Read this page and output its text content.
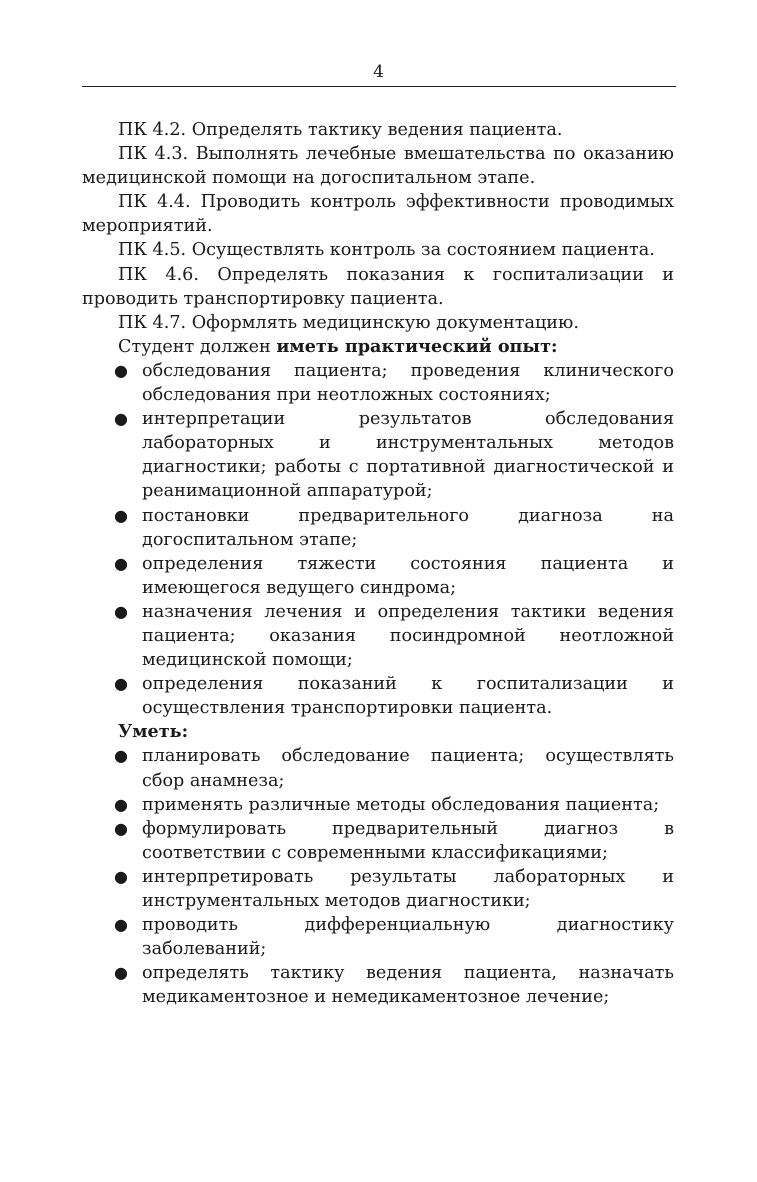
4

ПК 4.2. Определять тактику ведения пациента.

ПК 4.3. Выполнять лечебные вмешательства по оказанию медицинской помощи на догоспитальном этапе.

ПК 4.4. Проводить контроль эффективности проводимых мероприятий.

ПК 4.5. Осуществлять контроль за состоянием пациента.

ПК 4.6. Определять показания к госпитализации и проводить транспортировку пациента.

ПК 4.7. Оформлять медицинскую документацию.

Студент должен иметь практический опыт:

● обследования пациента; проведения клинического обследования при неотложных состояниях;
● интерпретации результатов обследования лабораторных и инструментальных методов диагностики; работы с портативной диагностической и реанимационной аппаратурой;
● постановки предварительного диагноза на догоспитальном этапе;
● определения тяжести состояния пациента и имеющегося ведущего синдрома;
● назначения лечения и определения тактики ведения пациента; оказания посиндромной неотложной медицинской помощи;
● определения показаний к госпитализации и осуществления транспортировки пациента.

Уметь:

● планировать обследование пациента; осуществлять сбор анамнеза;
● применять различные методы обследования пациента;
● формулировать предварительный диагноз в соответствии с современными классификациями;
● интерпретировать результаты лабораторных и инструментальных методов диагностики;
● проводить дифференциальную диагностику заболеваний;
● определять тактику ведения пациента, назначать медикаментозное и немедикаментозное лечение;
